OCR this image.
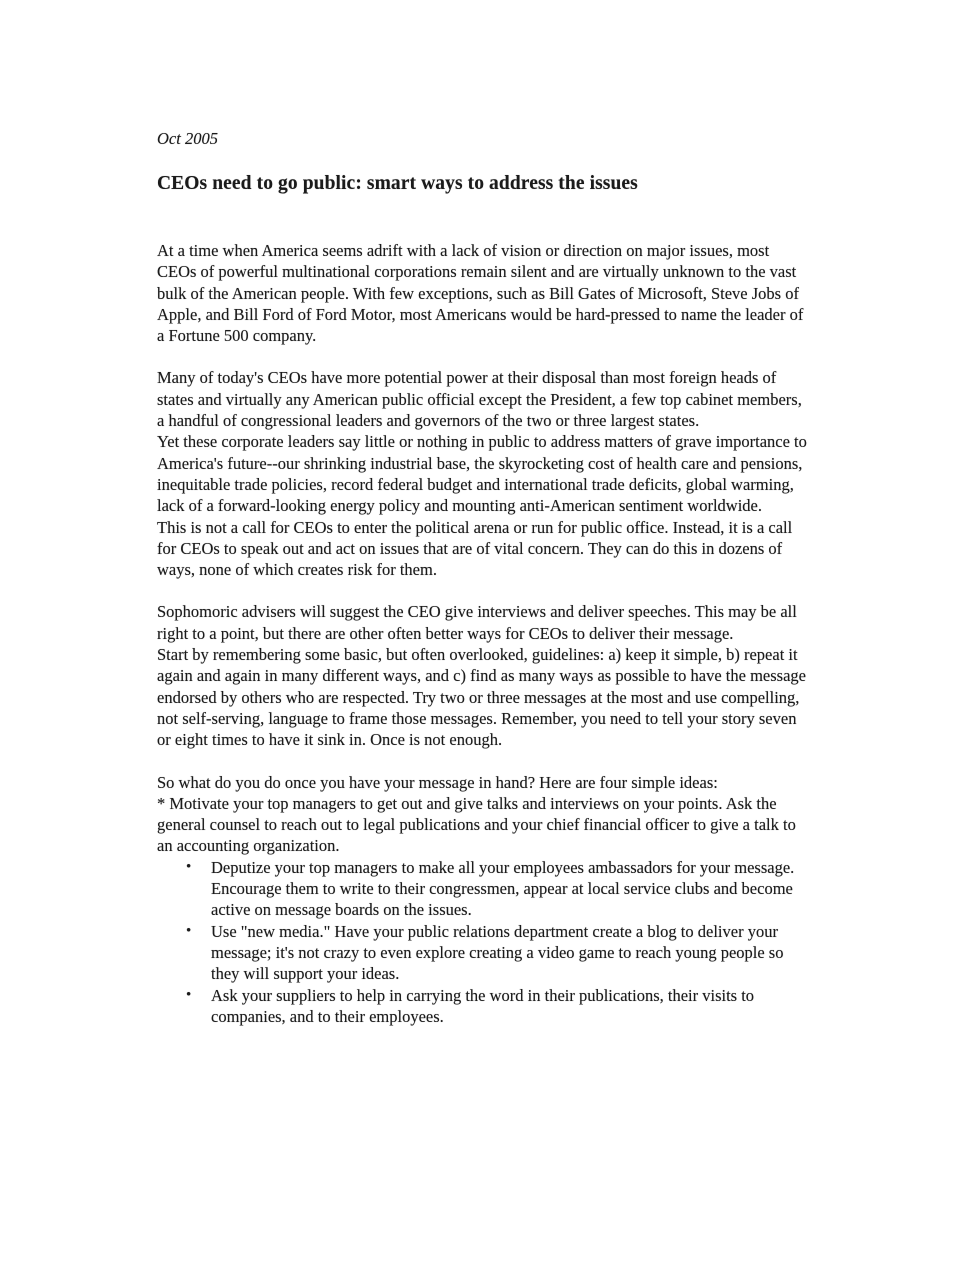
Oct 2005

CEOs need to go public: smart ways to address the issues

At a time when America seems adrift with a lack of vision or direction on major issues, most CEOs of powerful multinational corporations remain silent and are virtually unknown to the vast bulk of the American people. With few exceptions, such as Bill Gates of Microsoft, Steve Jobs of Apple, and Bill Ford of Ford Motor, most Americans would be hard-pressed to name the leader of a Fortune 500 company.

Many of today's CEOs have more potential power at their disposal than most foreign heads of states and virtually any American public official except the President, a few top cabinet members, a handful of congressional leaders and governors of the two or three largest states.

Yet these corporate leaders say little or nothing in public to address matters of grave importance to America's future--our shrinking industrial base, the skyrocketing cost of health care and pensions, inequitable trade policies, record federal budget and international trade deficits, global warming, lack of a forward-looking energy policy and mounting anti-American sentiment worldwide.

This is not a call for CEOs to enter the political arena or run for public office. Instead, it is a call for CEOs to speak out and act on issues that are of vital concern. They can do this in dozens of ways, none of which creates risk for them.

Sophomoric advisers will suggest the CEO give interviews and deliver speeches. This may be all right to a point, but there are other often better ways for CEOs to deliver their message.

Start by remembering some basic, but often overlooked, guidelines: a) keep it simple, b) repeat it again and again in many different ways, and c) find as many ways as possible to have the message endorsed by others who are respected. Try two or three messages at the most and use compelling, not self-serving, language to frame those messages. Remember, you need to tell your story seven or eight times to have it sink in. Once is not enough.

So what do you do once you have your message in hand? Here are four simple ideas:

* Motivate your top managers to get out and give talks and interviews on your points. Ask the general counsel to reach out to legal publications and your chief financial officer to give a talk to an accounting organization.

• Deputize your top managers to make all your employees ambassadors for your message. Encourage them to write to their congressmen, appear at local service clubs and become active on message boards on the issues.
• Use "new media." Have your public relations department create a blog to deliver your message; it's not crazy to even explore creating a video game to reach young people so they will support your ideas.
• Ask your suppliers to help in carrying the word in their publications, their visits to companies, and to their employees.
